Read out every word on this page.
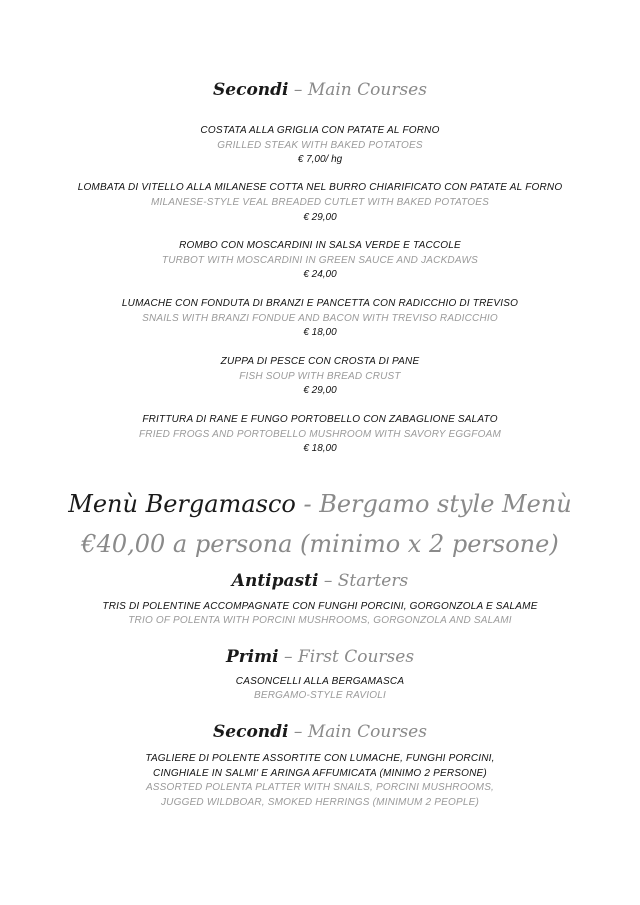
Secondi – Main Courses
COSTATA ALLA GRIGLIA CON PATATE AL FORNO
GRILLED STEAK WITH BAKED POTATOES
€ 7,00/ hg
LOMBATA DI VITELLO ALLA MILANESE COTTA NEL BURRO CHIARIFICATO CON PATATE AL FORNO
MILANESE-STYLE VEAL BREADED CUTLET WITH BAKED POTATOES
€ 29,00
ROMBO CON MOSCARDINI IN SALSA VERDE E TACCOLE
TURBOT WITH MOSCARDINI IN GREEN SAUCE AND JACKDAWS
€ 24,00
LUMACHE CON FONDUTA DI BRANZI E PANCETTA CON RADICCHIO DI TREVISO
SNAILS WITH BRANZI FONDUE AND BACON WITH TREVISO RADICCHIO
€ 18,00
ZUPPA DI PESCE CON CROSTA DI PANE
FISH SOUP WITH BREAD CRUST
€ 29,00
FRITTURA DI RANE E FUNGO PORTOBELLO CON ZABAGLIONE SALATO
FRIED FROGS AND PORTOBELLO MUSHROOM WITH SAVORY EGGFOAM
€ 18,00
Menù Bergamasco - Bergamo style Menù
€40,00 a persona (minimo x 2 persone)
Antipasti – Starters
TRIS DI POLENTINE ACCOMPAGNATE CON FUNGHI PORCINI, GORGONZOLA E SALAME
TRIO OF POLENTA WITH PORCINI MUSHROOMS, GORGONZOLA AND SALAMI
Primi – First Courses
CASONCELLI ALLA BERGAMASCA
BERGAMO-STYLE RAVIOLI
Secondi – Main Courses
TAGLIERE DI POLENTE ASSORTITE CON LUMACHE, FUNGHI PORCINI,
CINGHIALE IN SALMI' E ARINGA AFFUMICATA (MINIMO 2 PERSONE)
ASSORTED POLENTA PLATTER WITH SNAILS, PORCINI MUSHROOMS,
JUGGED WILDBOAR, SMOKED HERRINGS (MINIMUM 2 PEOPLE)
